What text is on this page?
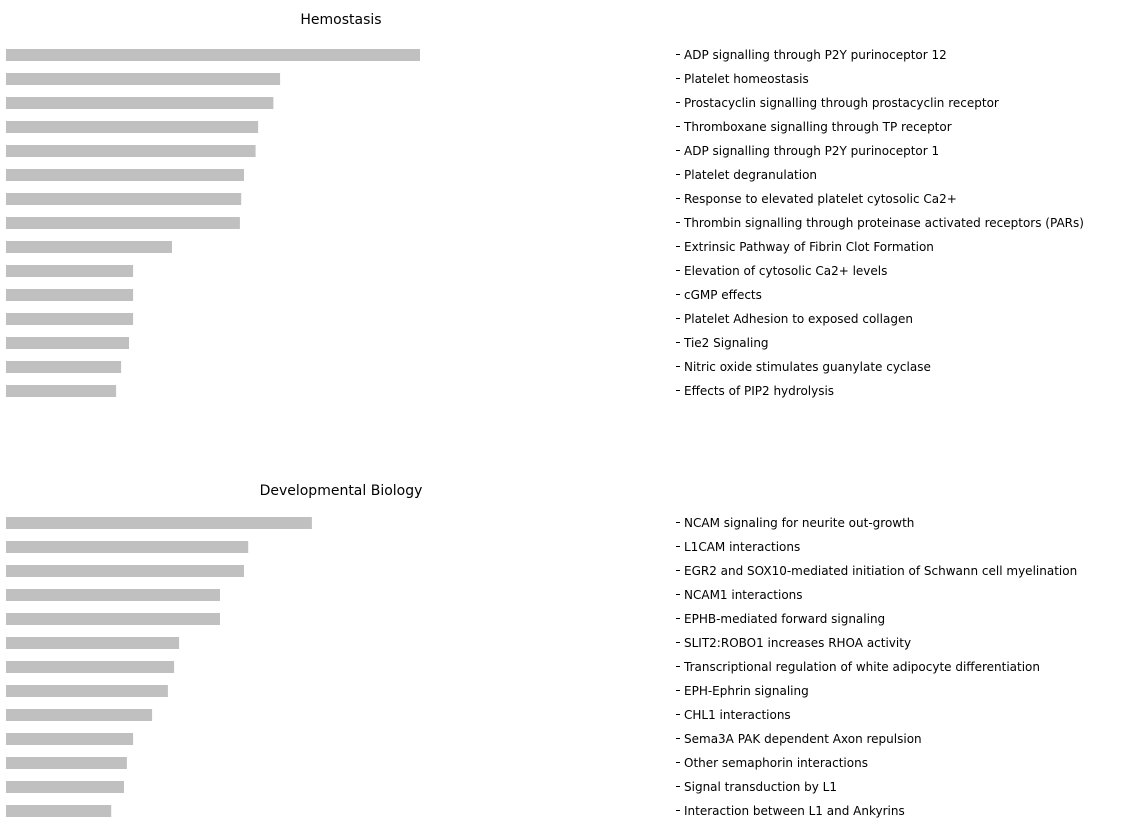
Hemostasis
ADP signalling through P2Y purinoceptor 12
Platelet homeostasis
Prostacyclin signalling through prostacyclin receptor
Thromboxane signalling through TP receptor
ADP signalling through P2Y purinoceptor 1
Platelet degranulation
Response to elevated platelet cytosolic Ca2+
Thrombin signalling through proteinase activated receptors (PARs)
Extrinsic Pathway of Fibrin Clot Formation
Elevation of cytosolic Ca2+ levels
cGMP effects
Platelet Adhesion to exposed collagen
Tie2 Signaling
Nitric oxide stimulates guanylate cyclase
Effects of PIP2 hydrolysis
Developmental Biology
NCAM signaling for neurite out-growth
L1CAM interactions
EGR2 and SOX10-mediated initiation of Schwann cell myelination
NCAM1 interactions
EPHB-mediated forward signaling
SLIT2:ROBO1 increases RHOA activity
Transcriptional regulation of white adipocyte differentiation
EPH-Ephrin signaling
CHL1 interactions
Sema3A PAK dependent Axon repulsion
Other semaphorin interactions
Signal transduction by L1
Interaction between L1 and Ankyrins
